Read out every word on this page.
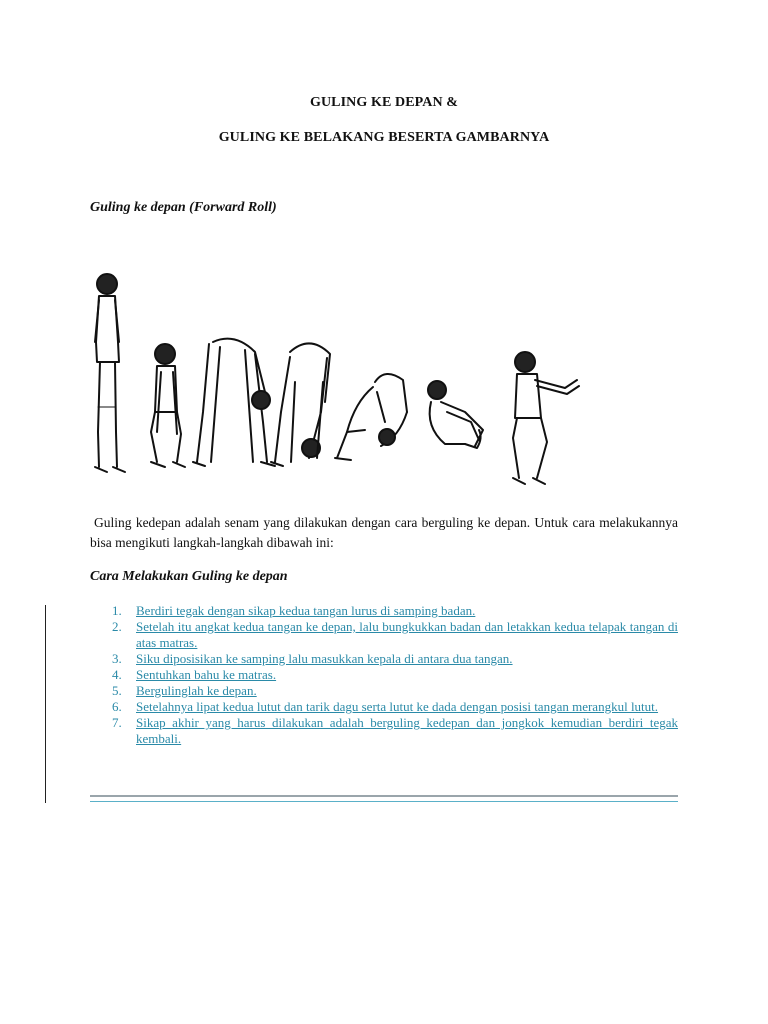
GULING KE DEPAN &
GULING KE BELAKANG BESERTA GAMBARNYA
Guling ke depan (Forward Roll)
Guling kedepan adalah senam yang dilakukan dengan cara berguling ke depan. Untuk cara melakukannya bisa mengikuti langkah-langkah dibawah ini:
Cara Melakukan Guling ke depan
1. Berdiri tegak dengan sikap kedua tangan lurus di samping badan.
2. Setelah itu angkat kedua tangan ke depan, lalu bungkukkan badan dan letakkan kedua telapak tangan di atas matras.
3. Siku diposisikan ke samping lalu masukkan kepala di antara dua tangan.
4. Sentuhkan bahu ke matras.
5. Bergulinglah ke depan.
6. Setelahnya lipat kedua lutut dan tarik dagu serta lutut ke dada dengan posisi tangan merangkul lutut.
7. Sikap akhir yang harus dilakukan adalah berguling kedepan dan jongkok kemudian berdiri tegak kembali.
